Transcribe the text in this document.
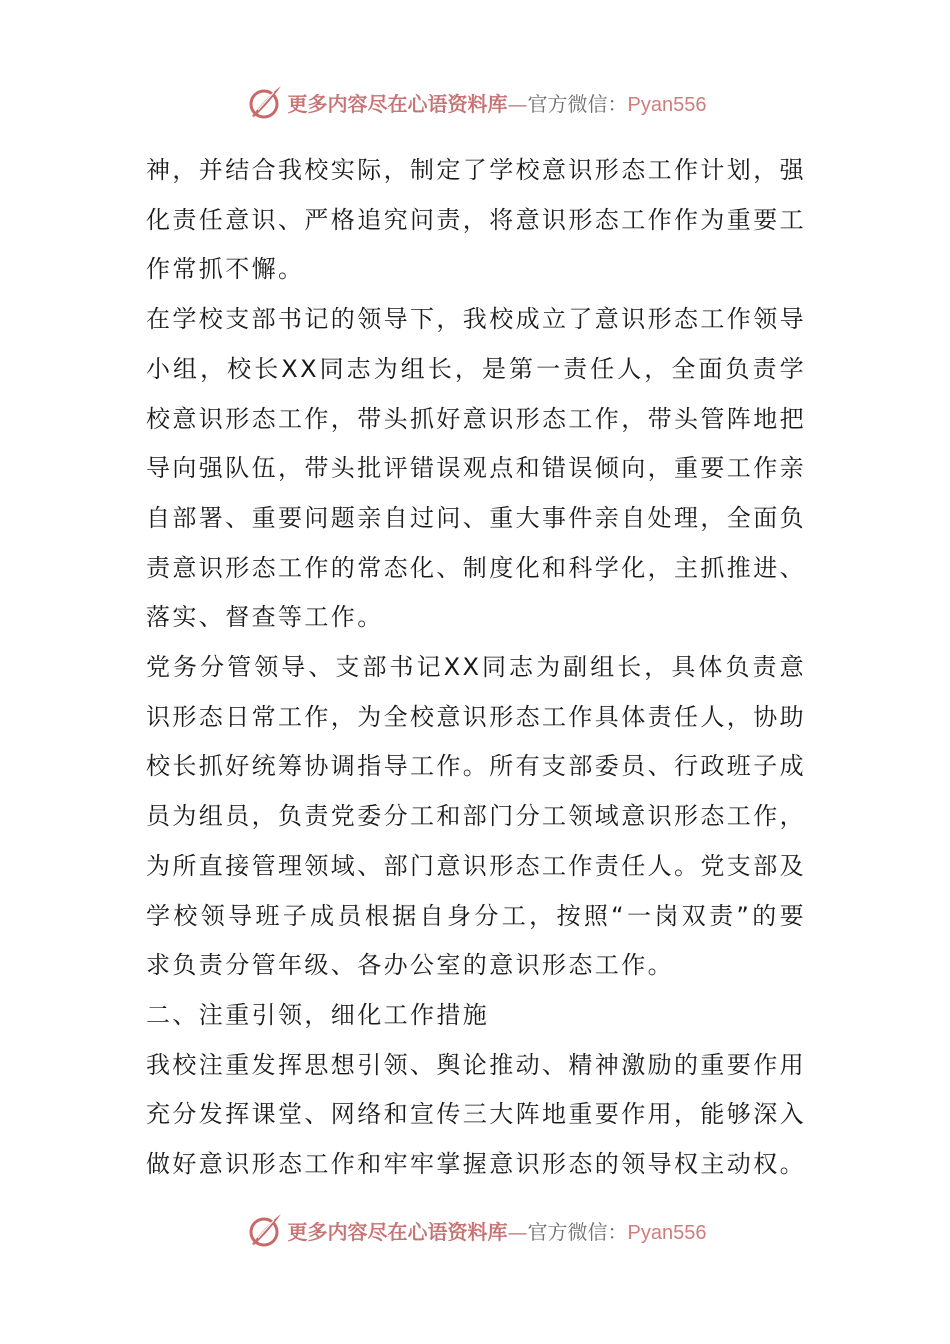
更多内容尽在心语资料库—官方微信：Pyan556

神，并结合我校实际，制定了学校意识形态工作计划，强化责任意识、严格追究问责，将意识形态工作作为重要工作常抓不懈。

在学校支部书记的领导下，我校成立了意识形态工作领导小组，校长XX同志为组长，是第一责任人，全面负责学校意识形态工作，带头抓好意识形态工作，带头管阵地把导向强队伍，带头批评错误观点和错误倾向，重要工作亲自部署、重要问题亲自过问、重大事件亲自处理，全面负责意识形态工作的常态化、制度化和科学化，主抓推进、落实、督查等工作。

党务分管领导、支部书记XX同志为副组长，具体负责意识形态日常工作，为全校意识形态工作具体责任人，协助校长抓好统筹协调指导工作。所有支部委员、行政班子成员为组员，负责党委分工和部门分工领域意识形态工作，为所直接管理领域、部门意识形态工作责任人。党支部及学校领导班子成员根据自身分工，按照“一岗双责”的要求负责分管年级、各办公室的意识形态工作。

二、注重引领，细化工作措施

我校注重发挥思想引领、舆论推动、精神激励的重要作用充分发挥课堂、网络和宣传三大阵地重要作用，能够深入做好意识形态工作和牢牢掌握意识形态的领导权主动权。

更多内容尽在心语资料库—官方微信：Pyan556
